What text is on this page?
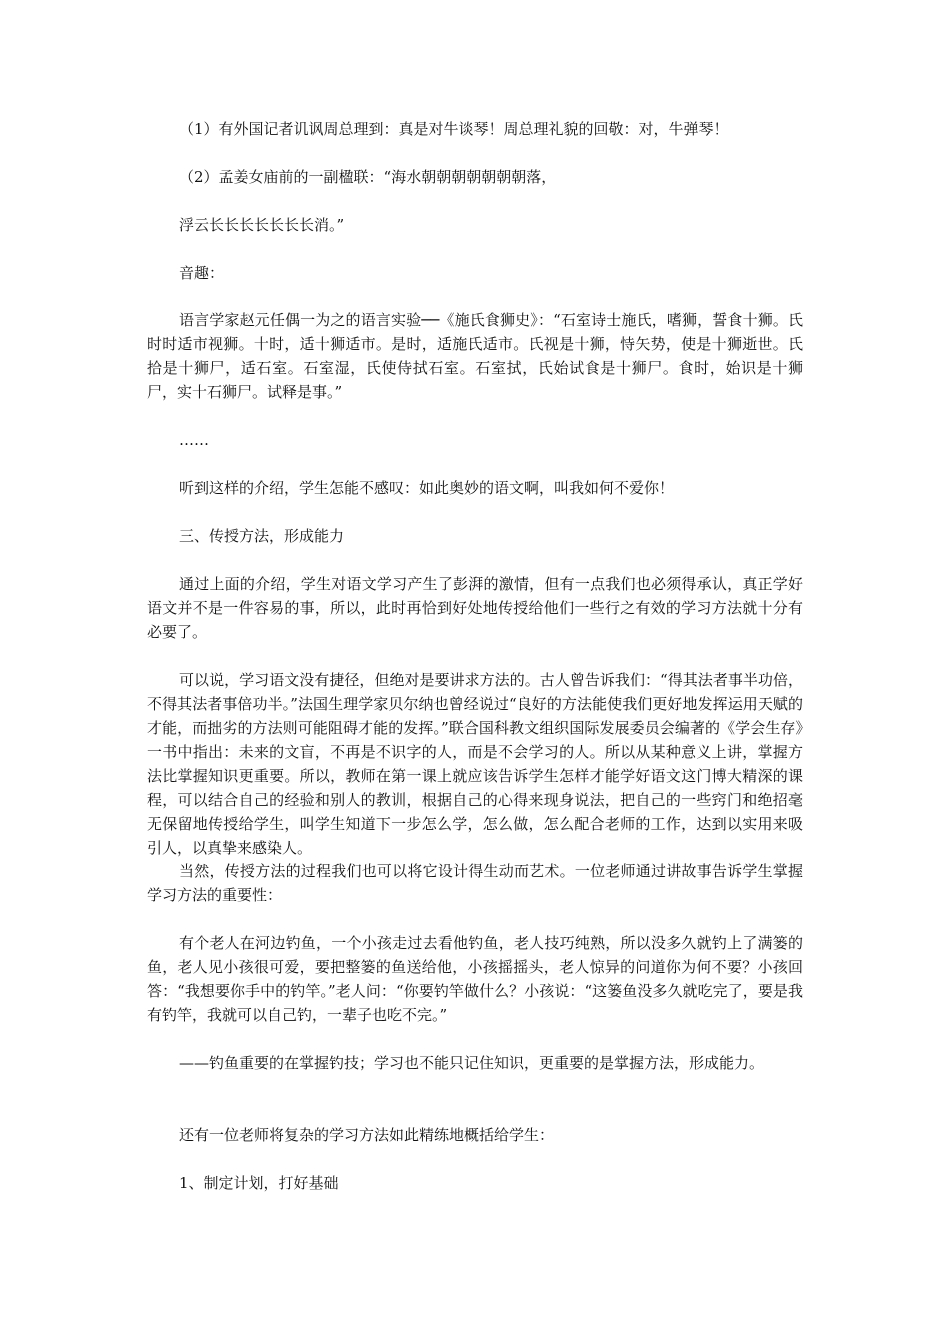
（1）有外国记者讥讽周总理到：真是对牛谈琴！周总理礼貌的回敬：对，牛弹琴！

（2）孟姜女庙前的一副楹联：“海水朝朝朝朝朝朝朝落，

浮云长长长长长长长消。”

音趣：

语言学家赵元任偶一为之的语言实验──《施氏食狮史》：“石室诗士施氏，嗜狮，誓食十狮。氏时时适市视狮。十时，适十狮适市。是时，适施氏适市。氏视是十狮，恃矢势，使是十狮逝世。氏拾是十狮尸，适石室。石室湿，氏使侍拭石室。石室拭，氏始试食是十狮尸。食时，始识是十狮尸，实十石狮尸。试释是事。”

……

听到这样的介绍，学生怎能不感叹：如此奥妙的语文啊，叫我如何不爱你！

三、传授方法，形成能力

通过上面的介绍，学生对语文学习产生了彭湃的激情，但有一点我们也必须得承认，真正学好语文并不是一件容易的事，所以，此时再恰到好处地传授给他们一些行之有效的学习方法就十分有必要了。

可以说，学习语文没有捷径，但绝对是要讲求方法的。古人曾告诉我们：“得其法者事半功倍，不得其法者事倍功半。”法国生理学家贝尔纳也曾经说过“良好的方法能使我们更好地发挥运用天赋的才能，而拙劣的方法则可能阻碍才能的发挥。”联合国科教文组织国际发展委员会编著的《学会生存》一书中指出：未来的文盲，不再是不识字的人，而是不会学习的人。所以从某种意义上讲，掌握方法比掌握知识更重要。所以，教师在第一课上就应该告诉学生怎样才能学好语文这门博大精深的课程，可以结合自己的经验和别人的教训，根据自己的心得来现身说法，把自己的一些窍门和绝招毫无保留地传授给学生，叫学生知道下一步怎么学，怎么做，怎么配合老师的工作，达到以实用来吸引人，以真挚来感染人。

当然，传授方法的过程我们也可以将它设计得生动而艺术。一位老师通过讲故事告诉学生掌握学习方法的重要性：

有个老人在河边钓鱼，一个小孩走过去看他钓鱼，老人技巧纯熟，所以没多久就钓上了满篓的鱼，老人见小孩很可爱，要把整篓的鱼送给他，小孩摇摇头，老人惊异的问道你为何不要？小孩回答：“我想要你手中的钓竿。”老人问：“你要钓竿做什么？小孩说：“这篓鱼没多久就吃完了，要是我有钓竿，我就可以自己钓，一辈子也吃不完。”

——钓鱼重要的在掌握钓技；学习也不能只记住知识，更重要的是掌握方法，形成能力。

还有一位老师将复杂的学习方法如此精练地概括给学生：

1、制定计划，打好基础
